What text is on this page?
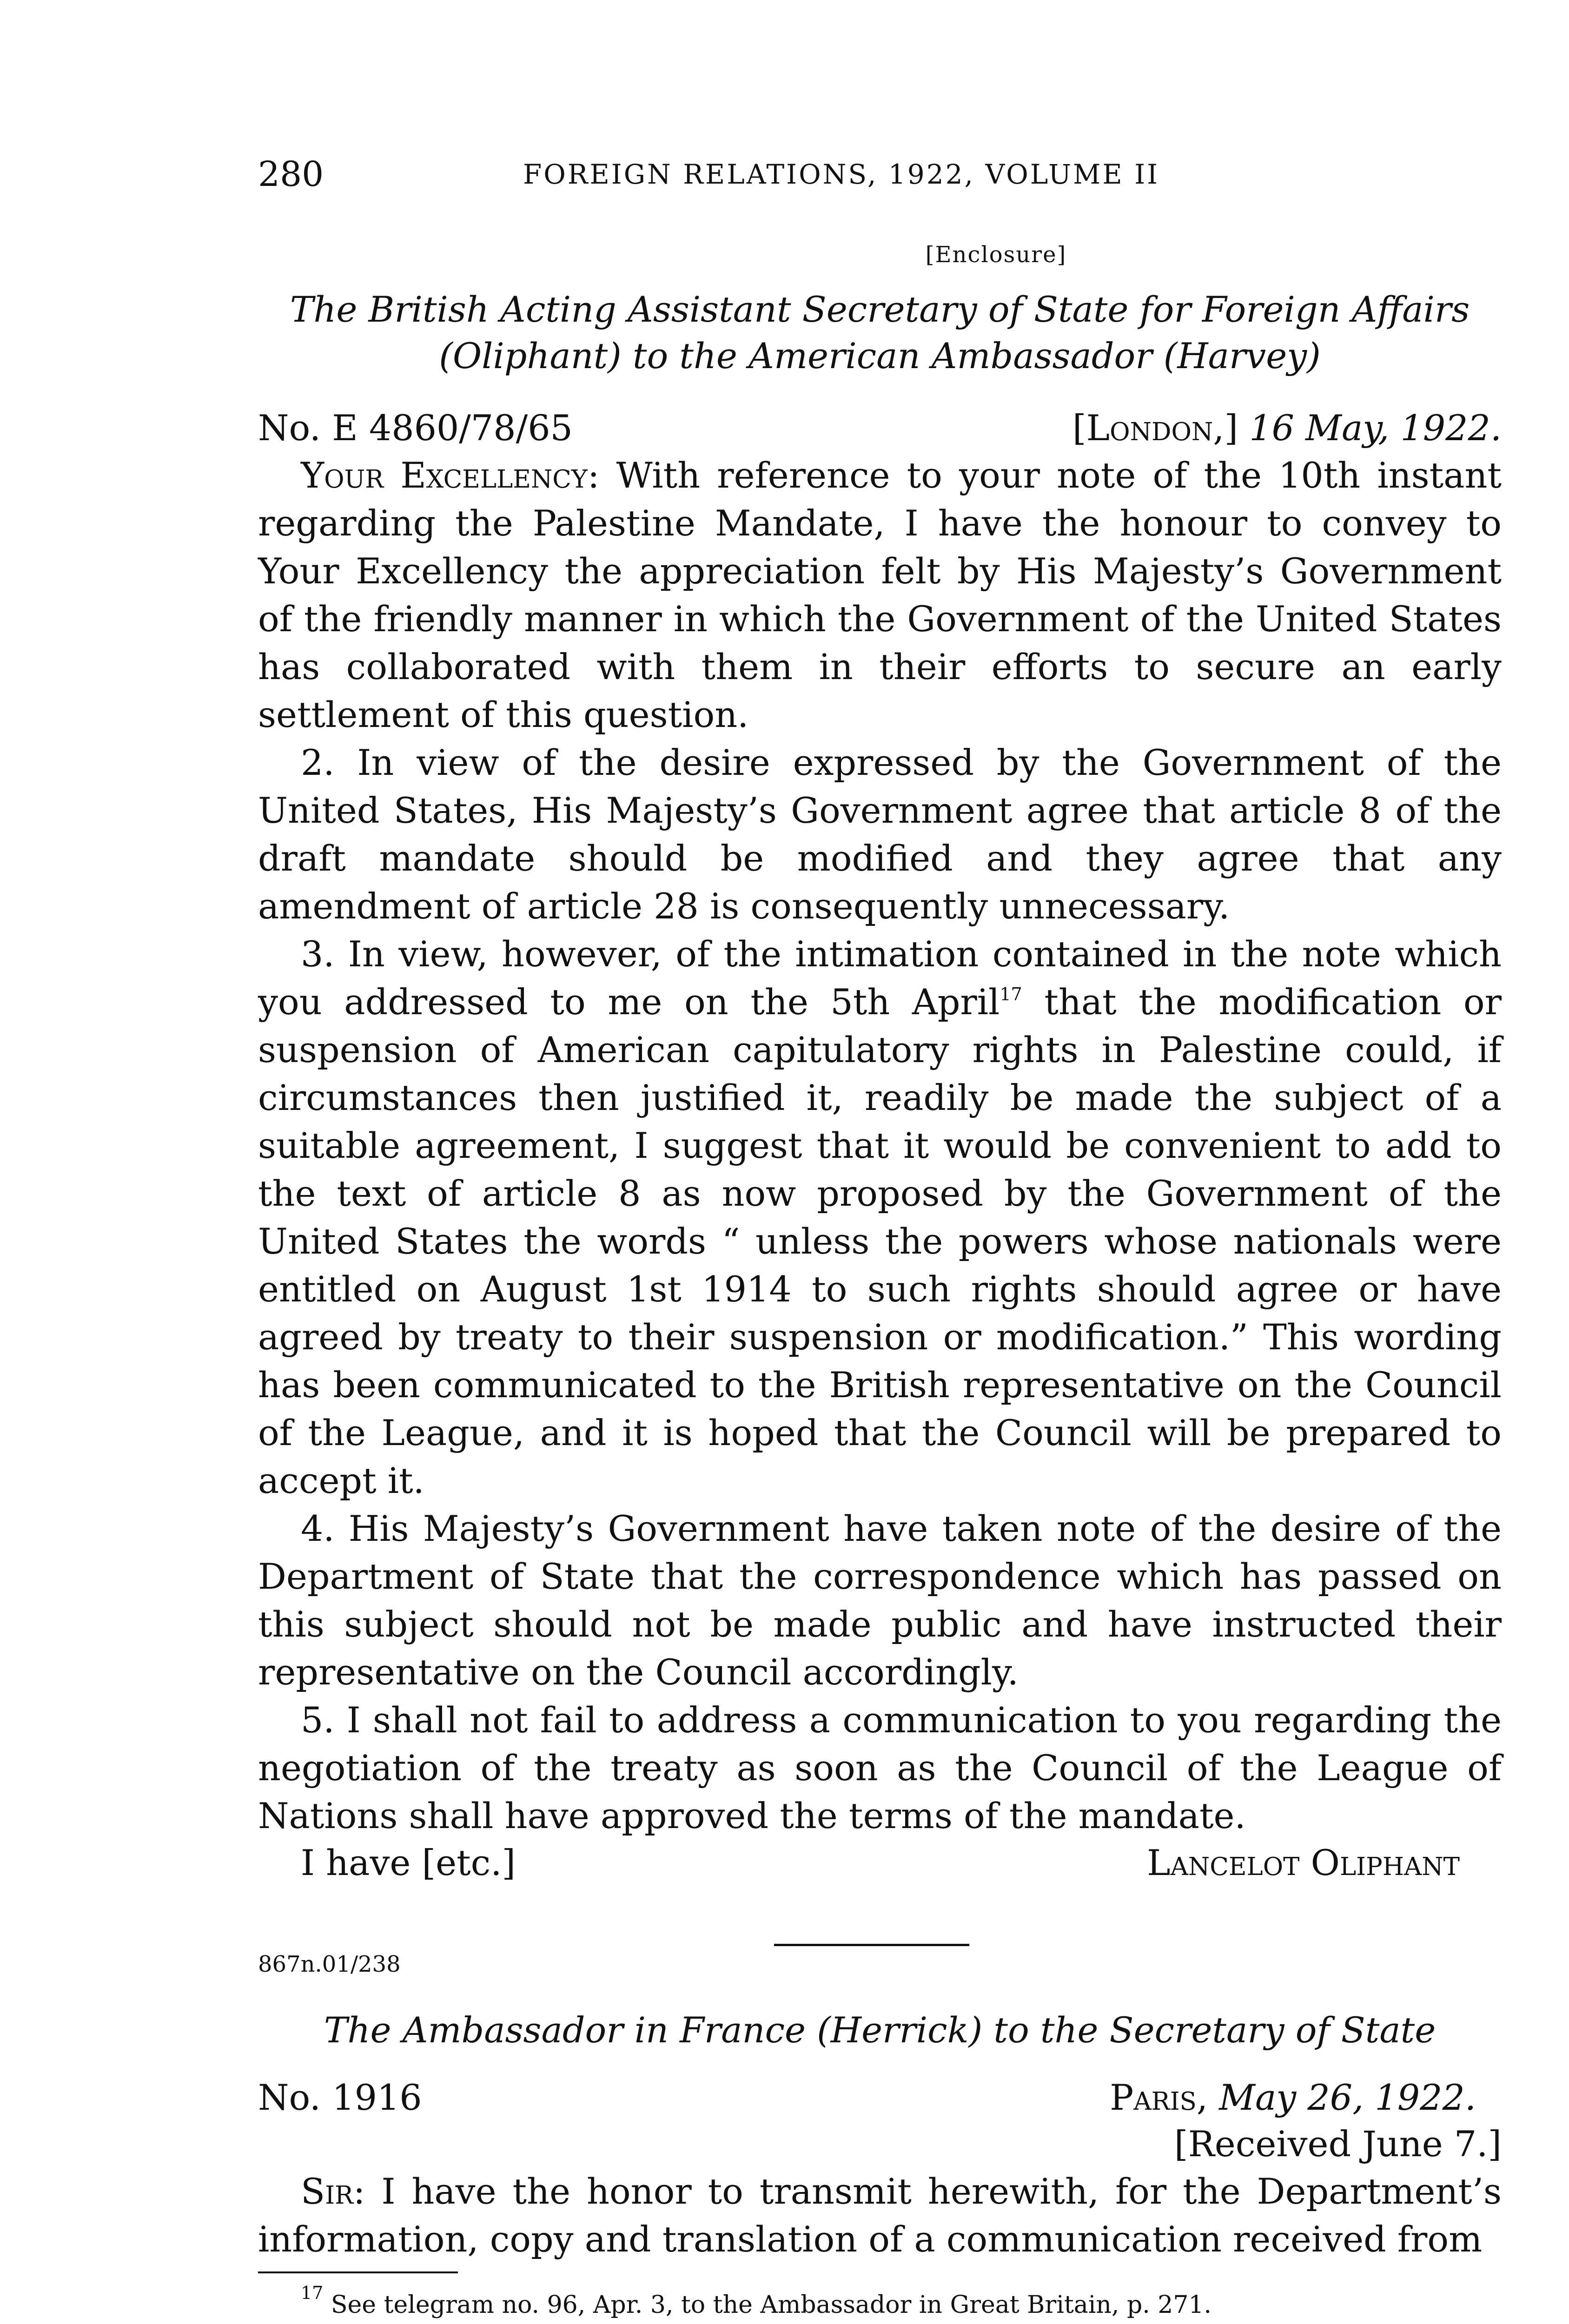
280	FOREIGN RELATIONS, 1922, VOLUME II
[Enclosure]
The British Acting Assistant Secretary of State for Foreign Affairs
(Oliphant) to the American Ambassador (Harvey)
No. E 4860/78/65	[London,] 16 May, 1922.

Your Excellency: With reference to your note of the 10th instant regarding the Palestine Mandate, I have the honour to convey to Your Excellency the appreciation felt by His Majesty’s Government of the friendly manner in which the Government of the United States has collaborated with them in their efforts to secure an early settlement of this question.

2. In view of the desire expressed by the Government of the United States, His Majesty’s Government agree that article 8 of the draft mandate should be modified and they agree that any amendment of article 28 is consequently unnecessary.

3. In view, however, of the intimation contained in the note which you addressed to me on the 5th April$^{17}$ that the modification or suspension of American capitulatory rights in Palestine could, if circumstances then justified it, readily be made the subject of a suitable agreement, I suggest that it would be convenient to add to the text of article 8 as now proposed by the Government of the United States the words “ unless the powers whose nationals were entitled on August 1st 1914 to such rights should agree or have agreed by treaty to their suspension or modification.” This wording has been communicated to the British representative on the Council of the League, and it is hoped that the Council will be prepared to accept it.

4. His Majesty’s Government have taken note of the desire of the Department of State that the correspondence which has passed on this subject should not be made public and have instructed their representative on the Council accordingly.

5. I shall not fail to address a communication to you regarding the negotiation of the treaty as soon as the Council of the League of Nations shall have approved the terms of the mandate.

I have [etc.]	Lancelot Oliphant
867n.01/238
The Ambassador in France (Herrick) to the Secretary of State
No. 1916	Paris, May 26, 1922.
[Received June 7.]

Sir: I have the honor to transmit herewith, for the Department’s information, copy and translation of a communication received from

$^{17}$ See telegram no. 96, Apr. 3, to the Ambassador in Great Britain, p. 271.
